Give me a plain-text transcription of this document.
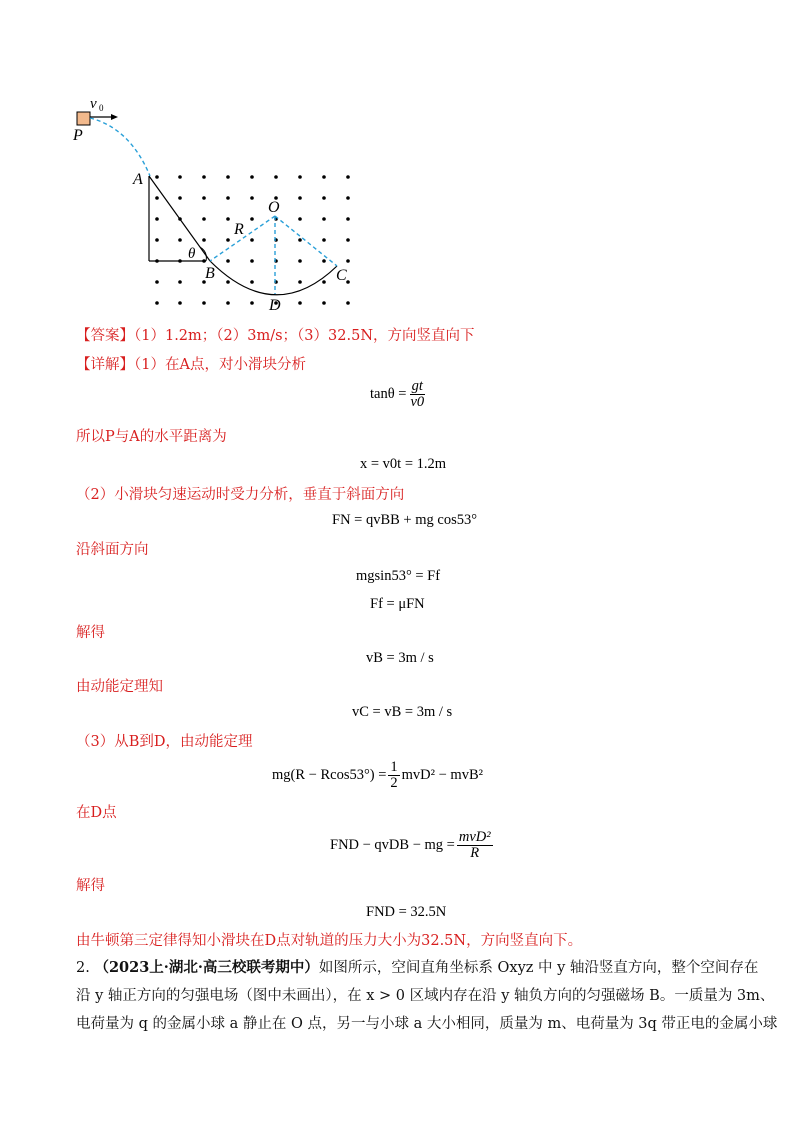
v 0
P
A
O
R
θ
B	C
D
【答案】（1）1.2m；（2）3m/s；（3）32.5N，方向竖直向下
【详解】（1）在A点，对小滑块分析
$\tan\theta = \frac{gt}{v0}$
所以P与A的水平距离为
x = v0t = 1.2m
（2）小滑块匀速运动时受力分析，垂直于斜面方向
FN = qvBB + mg cos53°
沿斜面方向
mgsin53° = Ff
Ff = μFN
解得
vB = 3m / s
由动能定理知
vC = vB = 3m / s
（3）从B到D，由动能定理
$mg(R - Rcos53^\circ) = \frac{1}{2} mvD^2 - mvB^2$
在D点
FND − qvDB − mg = $\frac{\text{mvD²}}{R}$
解得
FND = 32.5N
由牛顿第三定律得知小滑块在D点对轨道的压力大小为32.5N，方向竖直向下。
2. （2023上·湖北·高三校联考期中）如图所示，空间直角坐标系 Oxyz 中 y 轴沿竖直方向，整个空间存在
沿 y 轴正方向的匀强电场（图中未画出），在 x > 0 区域内存在沿 y 轴负方向的匀强磁场 B。一质量为 3m、
电荷量为 q 的金属小球 a 静止在 O 点，另一与小球 a 大小相同，质量为 m、电荷量为 3q 带正电的金属小球
